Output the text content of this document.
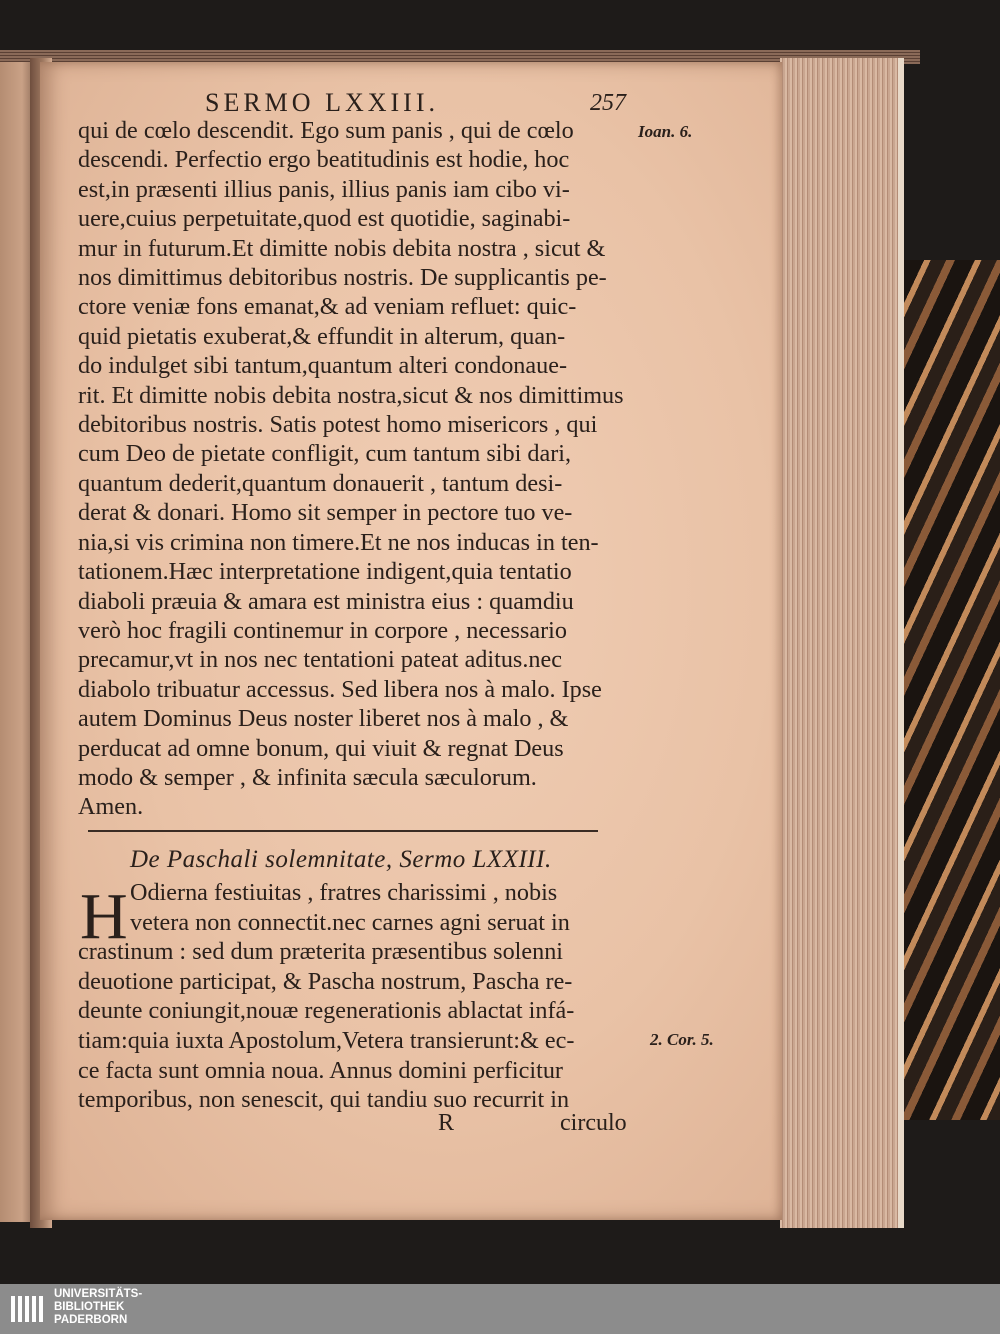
SERMO LXXIII.	257
Ioan. 6.
2. Cor. 5.
qui de cœlo descendit. Ego sum panis , qui de cœlo
descendi. Perfectio ergo beatitudinis est hodie, hoc
est,in præsenti illius panis, illius panis iam cibo vi-
uere,cuius perpetuitate,quod est quotidie, saginabi-
mur in futurum.Et dimitte nobis debita nostra , sicut &
nos dimittimus debitoribus nostris. De supplicantis pe-
ctore veniæ fons emanat,& ad veniam refluet: quic-
quid pietatis exuberat,& effundit in alterum, quan-
do indulget sibi tantum,quantum alteri condonaue-
rit. Et dimitte nobis debita nostra,sicut & nos dimittimus
debitoribus nostris. Satis potest homo misericors , qui
cum Deo de pietate confligit, cum tantum sibi dari,
quantum dederit,quantum donauerit , tantum desi-
derat & donari. Homo sit semper in pectore tuo ve-
nia,si vis crimina non timere.Et ne nos inducas in ten-
tationem.Hæc interpretatione indigent,quia tentatio
diaboli præuia & amara est ministra eius : quamdiu
verò hoc fragili continemur in corpore , necessario
precamur,vt in nos nec tentationi pateat aditus.nec
diabolo tribuatur accessus. Sed libera nos à malo. Ipse
autem Dominus Deus noster liberet nos à malo , &
perducat ad omne bonum, qui viuit & regnat Deus
modo & semper , & infinita sæcula sæculorum.
Amen.
De Paschali solemnitate, Sermo LXXIII.
H Odierna festiuitas , fratres charissimi , nobis
vetera non connectit.nec carnes agni seruat in
crastinum : sed dum præterita præsentibus solenni
deuotione participat, & Pascha nostrum, Pascha re-
deunte coniungit,nouæ regenerationis ablactat infá-
tiam:quia iuxta Apostolum,Vetera transierunt:& ec-
ce facta sunt omnia noua. Annus domini perficitur
temporibus, non senescit, qui tandiu suo recurrit in
R	circulo
UNIVERSITÄTS-
BIBLIOTHEK
PADERBORN
